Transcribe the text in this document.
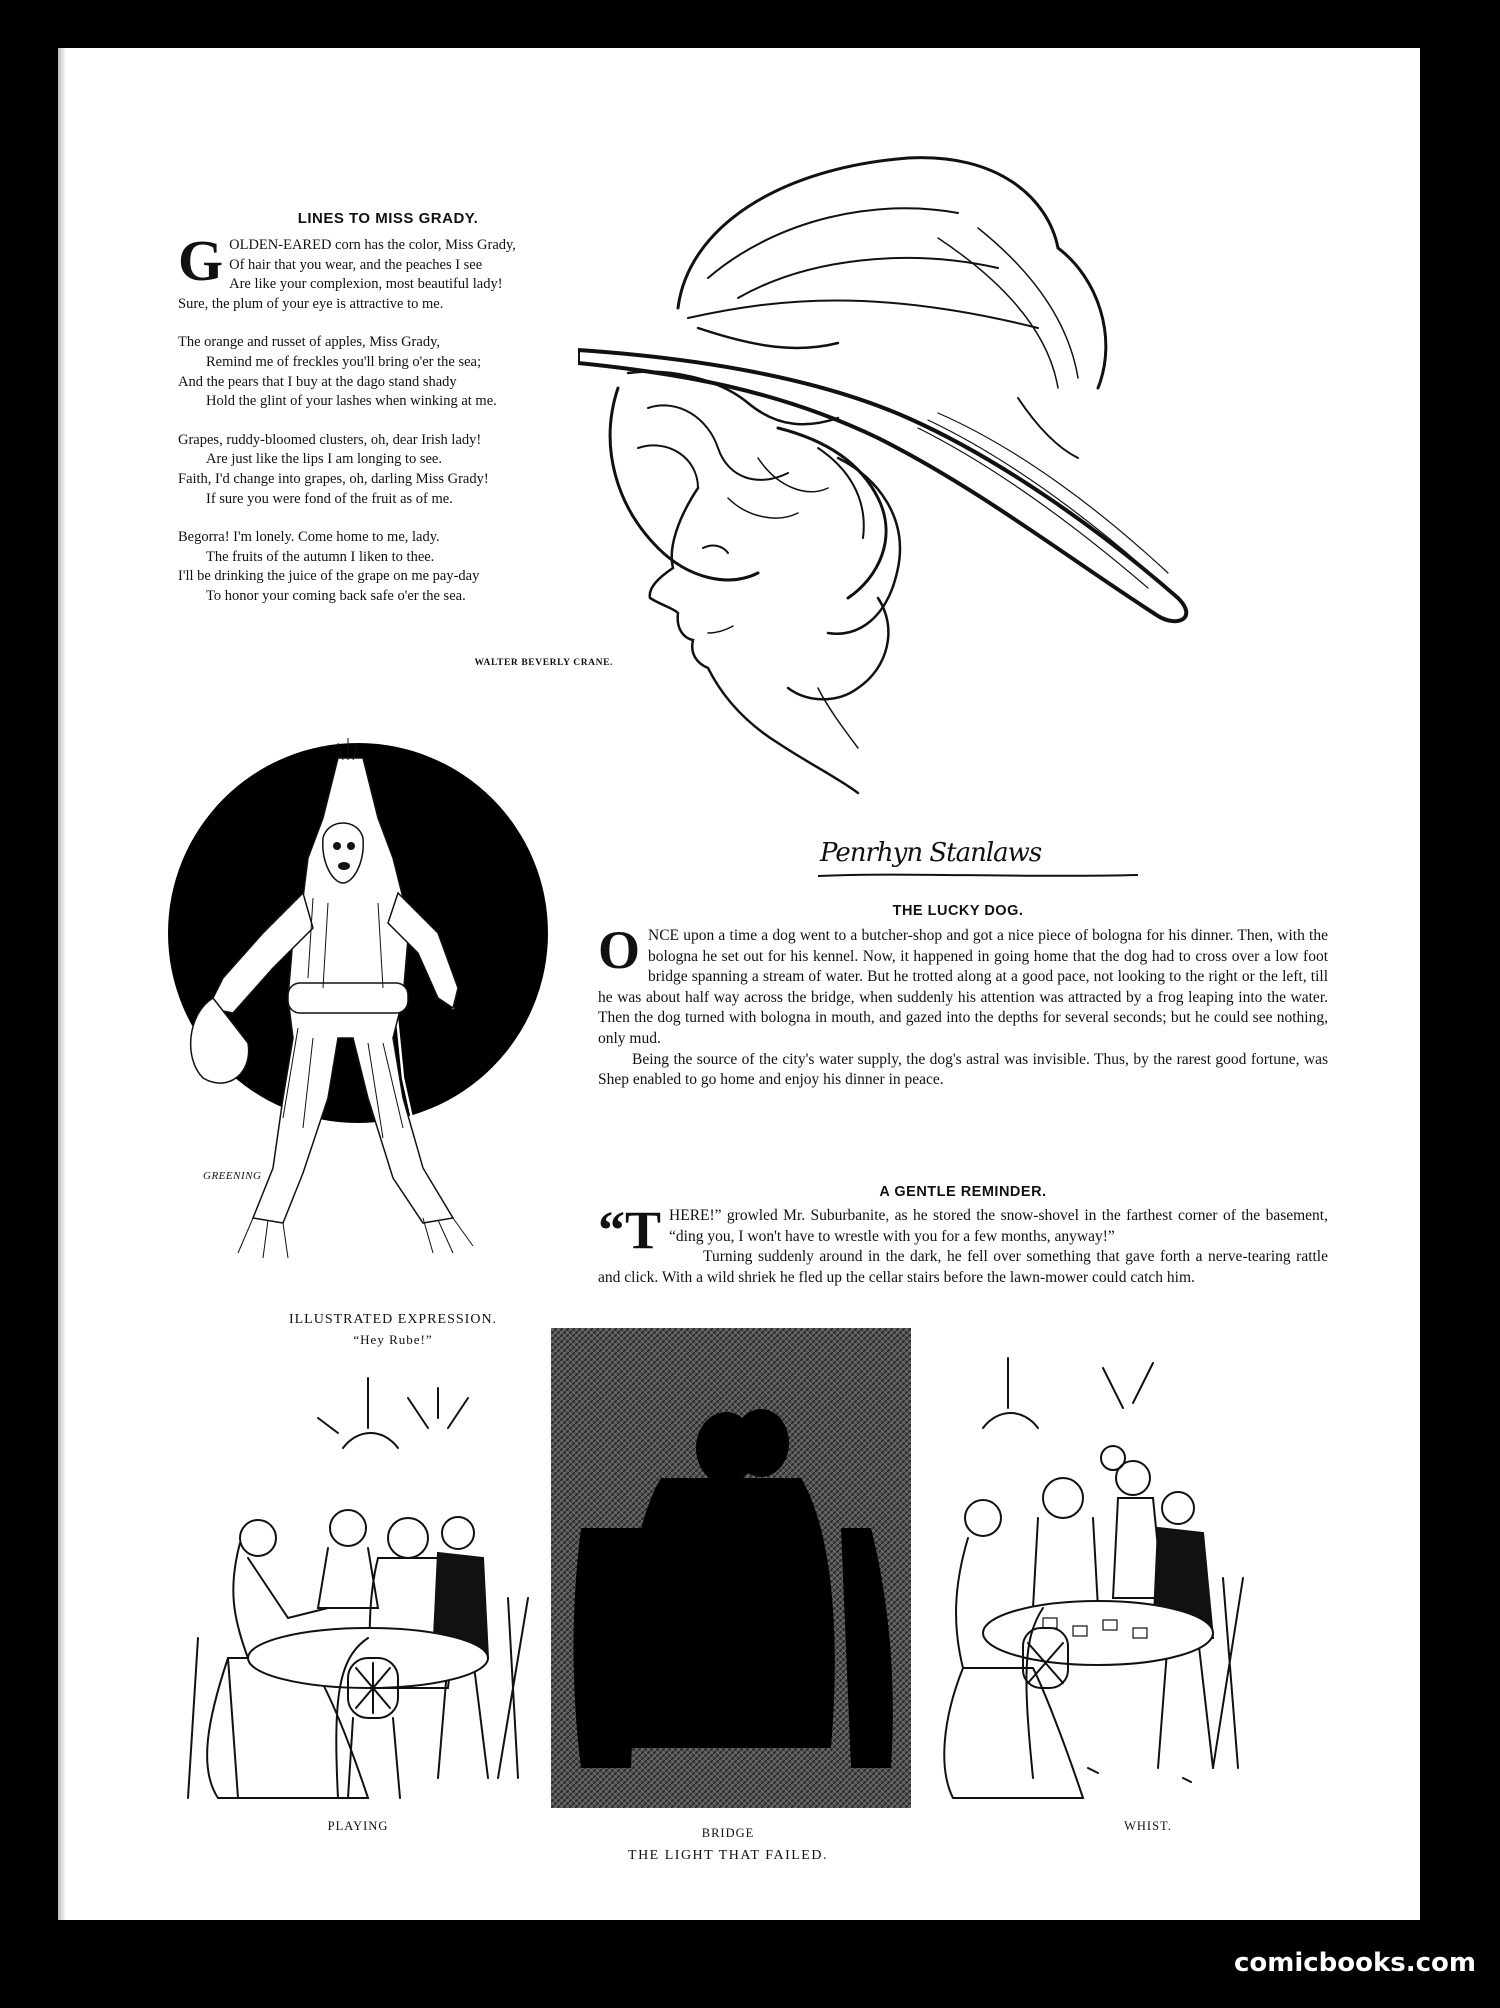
LINES TO MISS GRADY.
G OLDEN-EARED corn has the color, Miss Grady,
Of hair that you wear, and the peaches I see
Are like your complexion, most beautiful lady!
Sure, the plum of your eye is attractive to me.
The orange and russet of apples, Miss Grady,
Remind me of freckles you'll bring o'er the sea;
And the pears that I buy at the dago stand shady
Hold the glint of your lashes when winking at me.
Grapes, ruddy-bloomed clusters, oh, dear Irish lady!
Are just like the lips I am longing to see.
Faith, I'd change into grapes, oh, darling Miss Grady!
If sure you were fond of the fruit as of me.
Begorra! I'm lonely. Come home to me, lady.
The fruits of the autumn I liken to thee.
I'll be drinking the juice of the grape on me pay-day
To honor your coming back safe o'er the sea.
WALTER BEVERLY CRANE.
Penrhyn Stanlaws
GREENING
ILLUSTRATED EXPRESSION.
“Hey Rube!”
THE LUCKY DOG.

ONCE upon a time a dog went to a butcher-shop and got a nice piece of bologna for his dinner. Then, with the bologna he set out for his kennel. Now, it happened in going home that the dog had to cross over a low foot bridge spanning a stream of water. But he trotted along at a good pace, not looking to the right or the left, till he was about half way across the bridge, when suddenly his attention was attracted by a frog leaping into the water. Then the dog turned with bologna in mouth, and gazed into the depths for several seconds; but he could see nothing, only mud.

Being the source of the city's water supply, the dog's astral was invisible. Thus, by the rarest good fortune, was Shep enabled to go home and enjoy his dinner in peace.

A GENTLE REMINDER.

“T HERE!” growled Mr. Suburbanite, as he stored the snow-shovel in the farthest corner of the basement, “ding you, I won't have to wrestle with you for a few months, anyway!”

Turning suddenly around in the dark, he fell over something that gave forth a nerve-tearing rattle and click. With a wild shriek he fled up the cellar stairs before the lawn-mower could catch him.

PLAYING	BRIDGE
THE LIGHT THAT FAILED.
WHIST.
comicbooks.com
